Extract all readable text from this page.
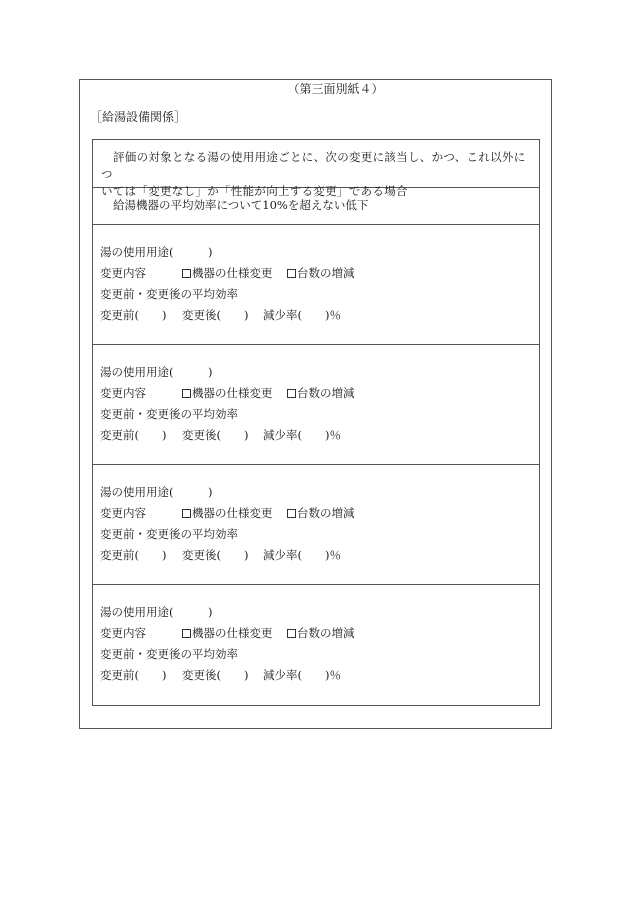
（第三面別紙４）
［給湯設備関係］
評価の対象となる湯の使用用途ごとに、次の変更に該当し、かつ、これ以外につ
いては「変更なし」か「性能が向上する変更」である場合
給湯機器の平均効率について10%を超えない低下
湯の使用用途(　　　)
変更内容	機器の仕様変更	台数の増減
変更前・変更後の平均効率
変更前(　　) 変更後(　　) 減少率(　　)％
湯の使用用途(　　　)
変更内容	機器の仕様変更	台数の増減
変更前・変更後の平均効率
変更前(　　) 変更後(　　) 減少率(　　)％
湯の使用用途(　　　)
変更内容	機器の仕様変更	台数の増減
変更前・変更後の平均効率
変更前(　　) 変更後(　　) 減少率(　　)％
湯の使用用途(　　　)
変更内容	機器の仕様変更	台数の増減
変更前・変更後の平均効率
変更前(　　) 変更後(　　) 減少率(　　)％
